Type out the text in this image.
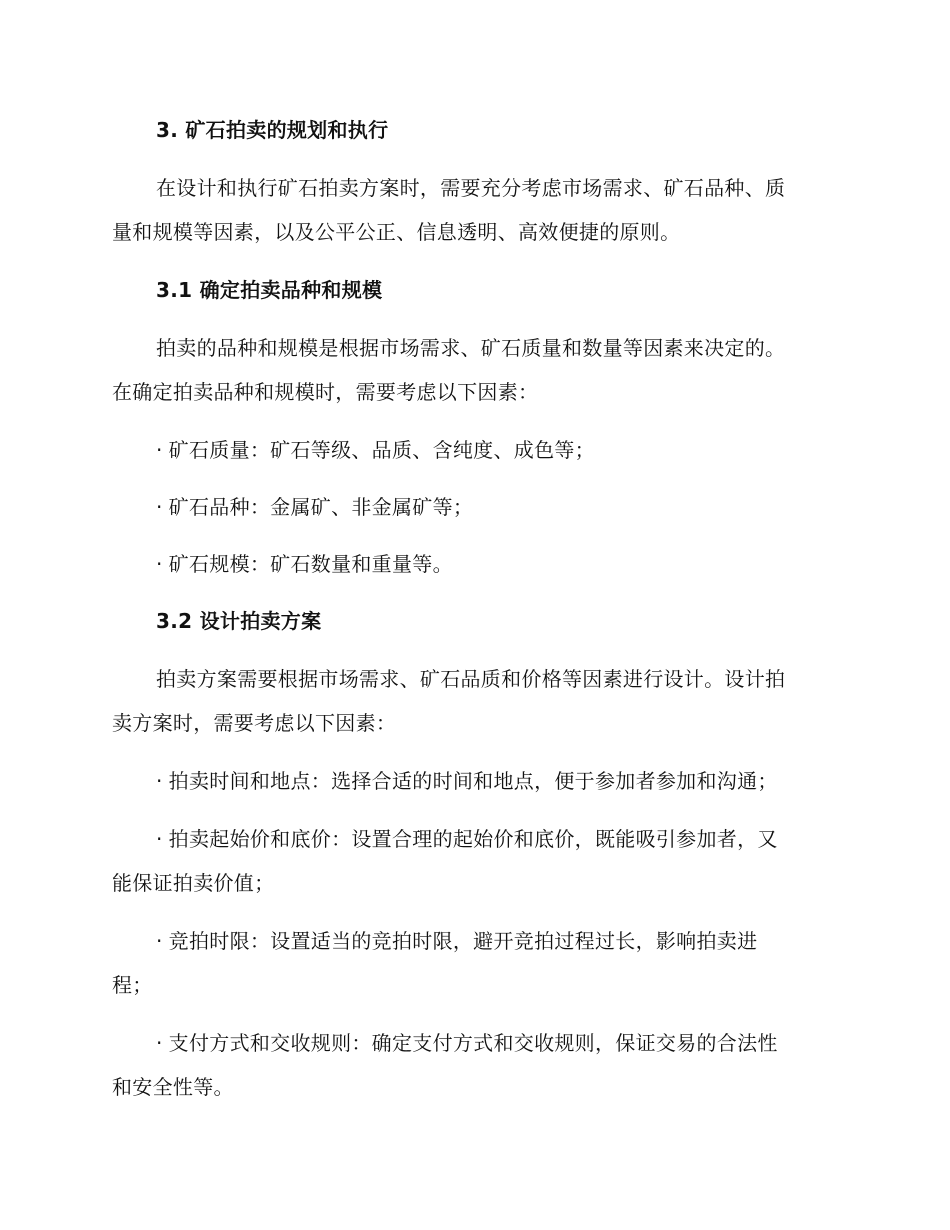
3. 矿石拍卖的规划和执行
在设计和执行矿石拍卖方案时，需要充分考虑市场需求、矿石品种、质
量和规模等因素，以及公平公正、信息透明、高效便捷的原则。
3.1 确定拍卖品种和规模
拍卖的品种和规模是根据市场需求、矿石质量和数量等因素来决定的。
在确定拍卖品种和规模时，需要考虑以下因素：
· 矿石质量：矿石等级、品质、含纯度、成色等；
· 矿石品种：金属矿、非金属矿等；
· 矿石规模：矿石数量和重量等。
3.2 设计拍卖方案
拍卖方案需要根据市场需求、矿石品质和价格等因素进行设计。设计拍
卖方案时，需要考虑以下因素：
· 拍卖时间和地点：选择合适的时间和地点，便于参加者参加和沟通；
· 拍卖起始价和底价：设置合理的起始价和底价，既能吸引参加者，又
能保证拍卖价值；
· 竞拍时限：设置适当的竞拍时限，避开竞拍过程过长，影响拍卖进
程；
· 支付方式和交收规则：确定支付方式和交收规则，保证交易的合法性
和安全性等。
